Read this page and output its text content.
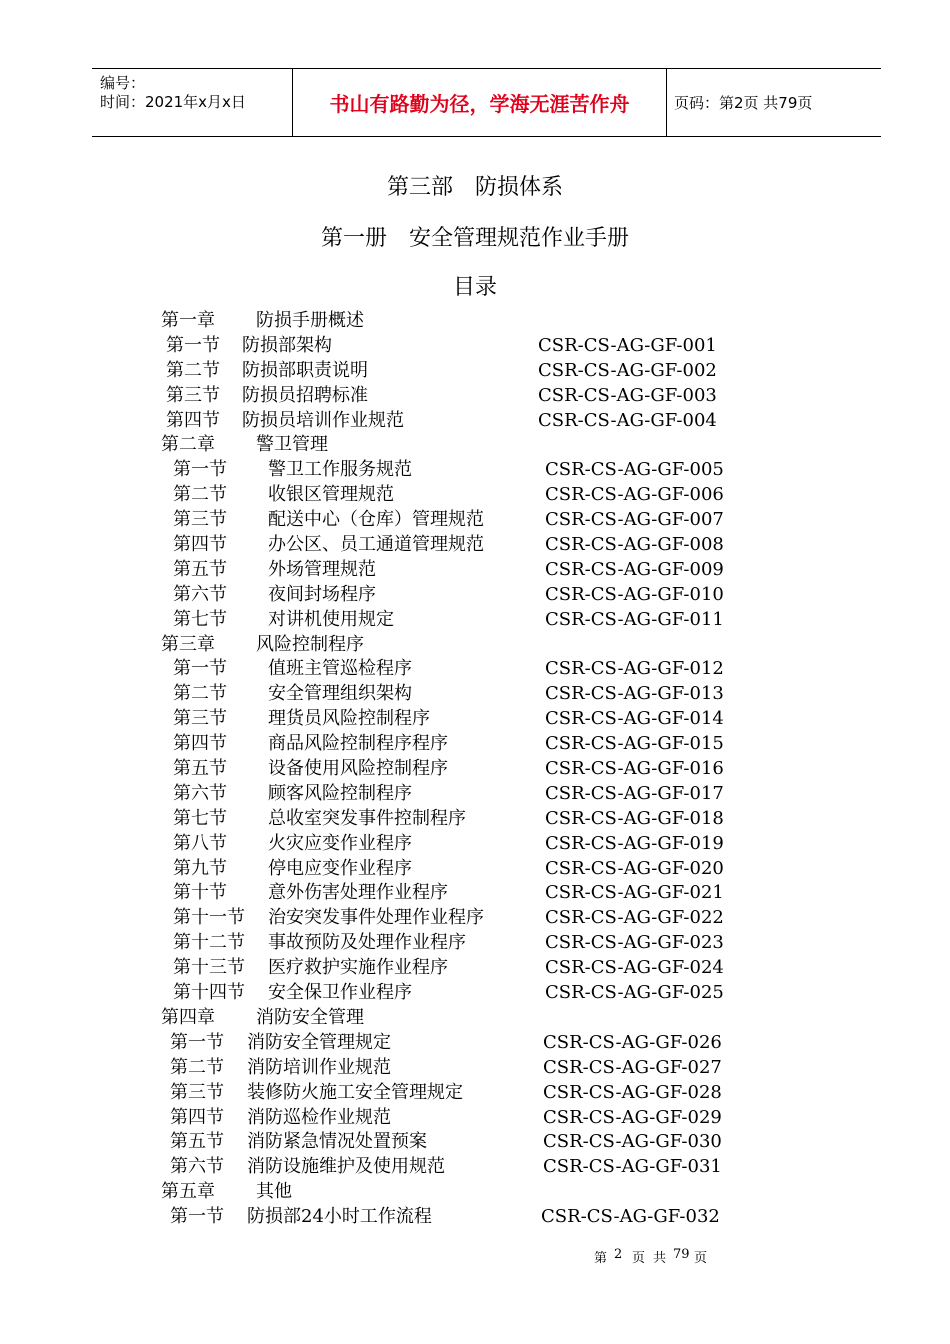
编号：
时间：2021年x月x日	书山有路勤为径，学海无涯苦作舟	页码：第2页 共79页
第三部　防损体系
第一册　安全管理规范作业手册
目录
第一章 防损手册概述
第一节 防损部架构	CSR-CS-AG-GF-001
第二节 防损部职责说明	CSR-CS-AG-GF-002
第三节 防损员招聘标准	CSR-CS-AG-GF-003
第四节 防损员培训作业规范	CSR-CS-AG-GF-004
第二章 警卫管理
第一节 警卫工作服务规范	CSR-CS-AG-GF-005
第二节 收银区管理规范	CSR-CS-AG-GF-006
第三节 配送中心（仓库）管理规范	CSR-CS-AG-GF-007
第四节 办公区、员工通道管理规范	CSR-CS-AG-GF-008
第五节 外场管理规范	CSR-CS-AG-GF-009
第六节 夜间封场程序	CSR-CS-AG-GF-010
第七节 对讲机使用规定	CSR-CS-AG-GF-011
第三章 风险控制程序
第一节 值班主管巡检程序	CSR-CS-AG-GF-012
第二节 安全管理组织架构	CSR-CS-AG-GF-013
第三节 理货员风险控制程序	CSR-CS-AG-GF-014
第四节 商品风险控制程序程序	CSR-CS-AG-GF-015
第五节 设备使用风险控制程序	CSR-CS-AG-GF-016
第六节 顾客风险控制程序	CSR-CS-AG-GF-017
第七节 总收室突发事件控制程序	CSR-CS-AG-GF-018
第八节 火灾应变作业程序	CSR-CS-AG-GF-019
第九节 停电应变作业程序	CSR-CS-AG-GF-020
第十节 意外伤害处理作业程序	CSR-CS-AG-GF-021
第十一节 治安突发事件处理作业程序	CSR-CS-AG-GF-022
第十二节 事故预防及处理作业程序	CSR-CS-AG-GF-023
第十三节 医疗救护实施作业程序	CSR-CS-AG-GF-024
第十四节 安全保卫作业程序	CSR-CS-AG-GF-025
第四章 消防安全管理
第一节 消防安全管理规定	CSR-CS-AG-GF-026
第二节 消防培训作业规范	CSR-CS-AG-GF-027
第三节 装修防火施工安全管理规定	CSR-CS-AG-GF-028
第四节 消防巡检作业规范	CSR-CS-AG-GF-029
第五节 消防紧急情况处置预案	CSR-CS-AG-GF-030
第六节 消防设施维护及使用规范	CSR-CS-AG-GF-031
第五章 其他
第一节 防损部24小时工作流程	CSR-CS-AG-GF-032
第 2 页 共 79 页
